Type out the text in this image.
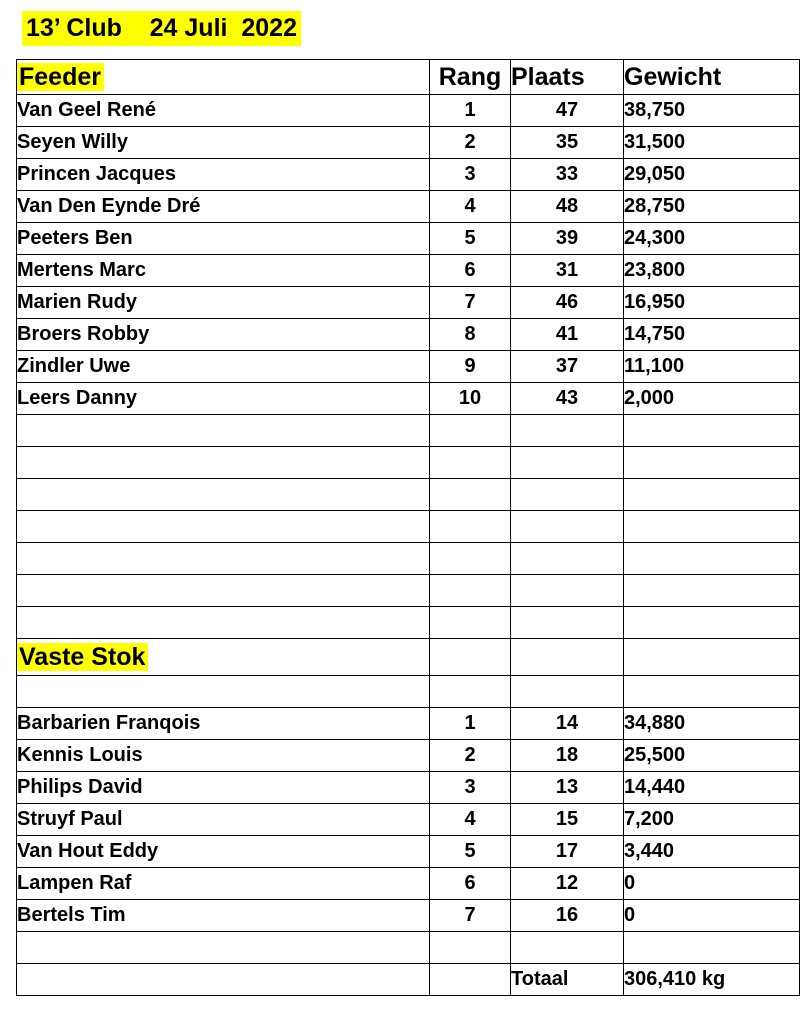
13’ Club    24 Juli  2022
Feeder	Rang	Plaats	Gewicht
Van Geel René	1	47	38,750
Seyen Willy	2	35	31,500
Princen Jacques	3	33	29,050
Van Den Eynde Dré	4	48	28,750
Peeters Ben	5	39	24,300
Mertens Marc	6	31	23,800
Marien Rudy	7	46	16,950
Broers Robby	8	41	14,750
Zindler Uwe	9	37	11,100
Leers Danny	10	43	2,000

Vaste Stok			

Barbarien Franqois	1	14	34,880
Kennis Louis	2	18	25,500
Philips David	3	13	14,440
Struyf Paul	4	15	7,200
Van Hout Eddy	5	17	3,440
Lampen Raf	6	12	0
Bertels Tim	7	16	0

		Totaal	306,410 kg
